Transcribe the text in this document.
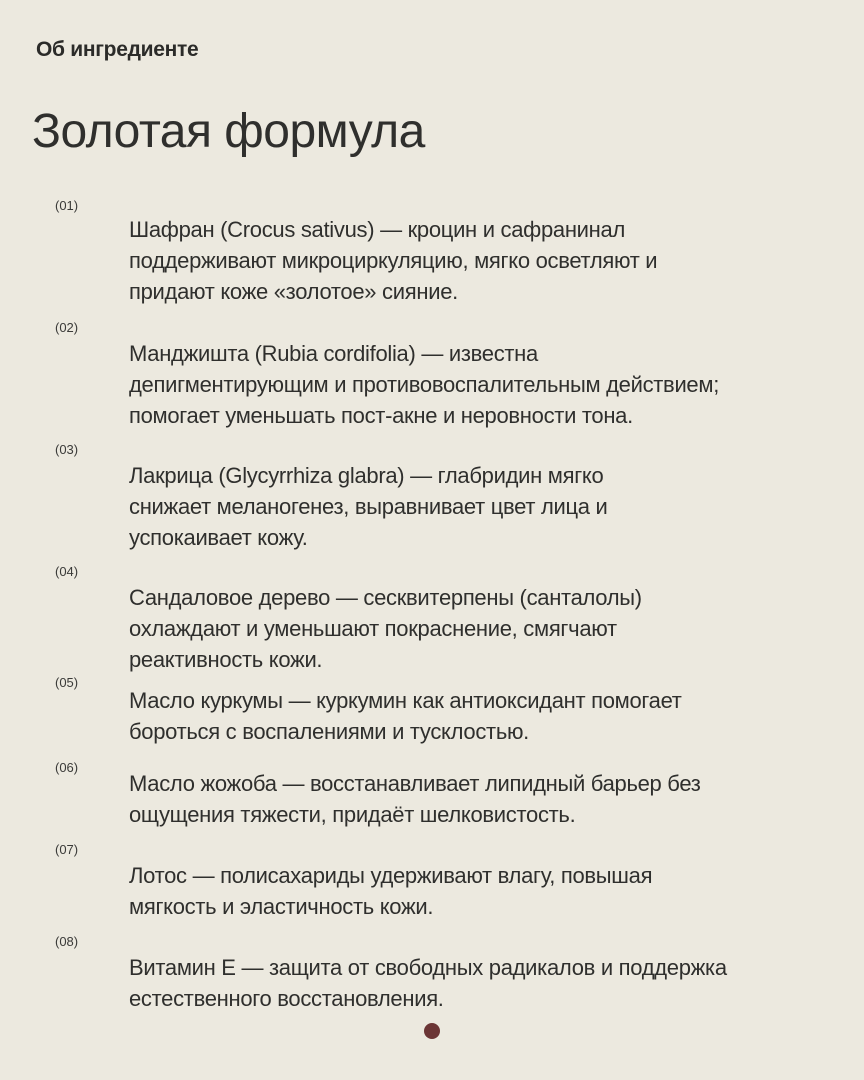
Об ингредиенте
Золотая формула
(01)
Шафран (Crocus sativus) — кроцин и сафранинал
поддерживают микроциркуляцию, мягко осветляют и
придают коже «золотое» сияние.
(02)
Манджишта (Rubia cordifolia) — известна
депигментирующим и противовоспалительным действием;
помогает уменьшать пост-акне и неровности тона.
(03)
Лакрица (Glycyrrhiza glabra) — глабридин мягко
снижает меланогенез, выравнивает цвет лица и
успокаивает кожу.
(04)
Сандаловое дерево — сесквитерпены (санталолы)
охлаждают и уменьшают покраснение, смягчают
реактивность кожи.
(05)
Масло куркумы — куркумин как антиоксидант помогает
бороться с воспалениями и тусклостью.
(06)
Масло жожоба — восстанавливает липидный барьер без
ощущения тяжести, придаёт шелковистость.
(07)
Лотос — полисахариды удерживают влагу, повышая
мягкость и эластичность кожи.
(08)
Витамин Е — защита от свободных радикалов и поддержка
естественного восстановления.
